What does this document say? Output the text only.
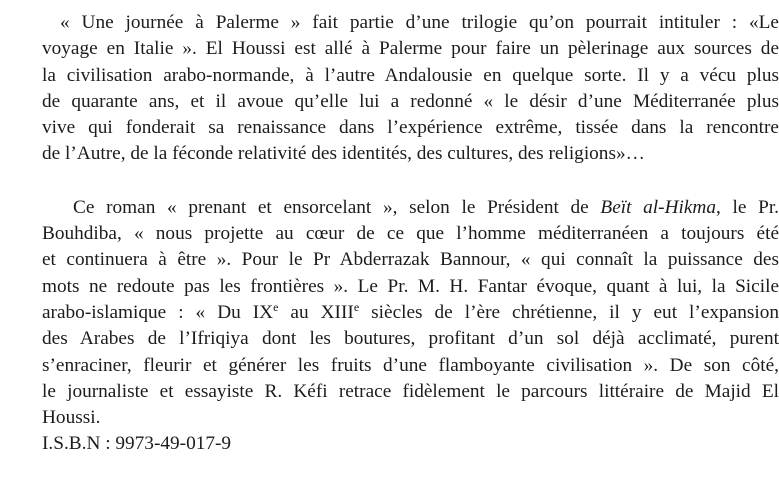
« Une journée à Palerme » fait partie d’une trilogie qu’on pourrait intituler : «Le
voyage en Italie ». El Houssi est allé à Palerme pour faire un pèlerinage aux sources de
la civilisation arabo-normande, à l’autre Andalousie en quelque sorte. Il y a vécu plus
de quarante ans, et il avoue qu’elle lui a redonné « le désir d’une Méditerranée plus
vive qui fonderait sa renaissance dans l’expérience extrême, tissée dans la rencontre
de l’Autre, de la féconde relativité des identités, des cultures, des religions»…
Ce roman « prenant et ensorcelant », selon le Président de Beït al-Hikma, le Pr.
Bouhdiba, « nous projette au cœur de ce que l’homme méditerranéen a toujours été
et continuera à être ». Pour le Pr Abderrazak Bannour, « qui connaît la puissance des
mots ne redoute pas les frontières ». Le Pr. M. H. Fantar évoque, quant à lui, la Sicile
arabo-islamique : « Du IXe au XIIIe siècles de l’ère chrétienne, il y eut l’expansion
des Arabes de l’Ifriqiya dont les boutures, profitant d’un sol déjà acclimaté, purent
s’enraciner, fleurir et générer les fruits d’une flamboyante civilisation ». De son côté,
le journaliste et essayiste R. Kéfi retrace fidèlement le parcours littéraire de Majid El
Houssi.
I.S.B.N : 9973-49-017-9
